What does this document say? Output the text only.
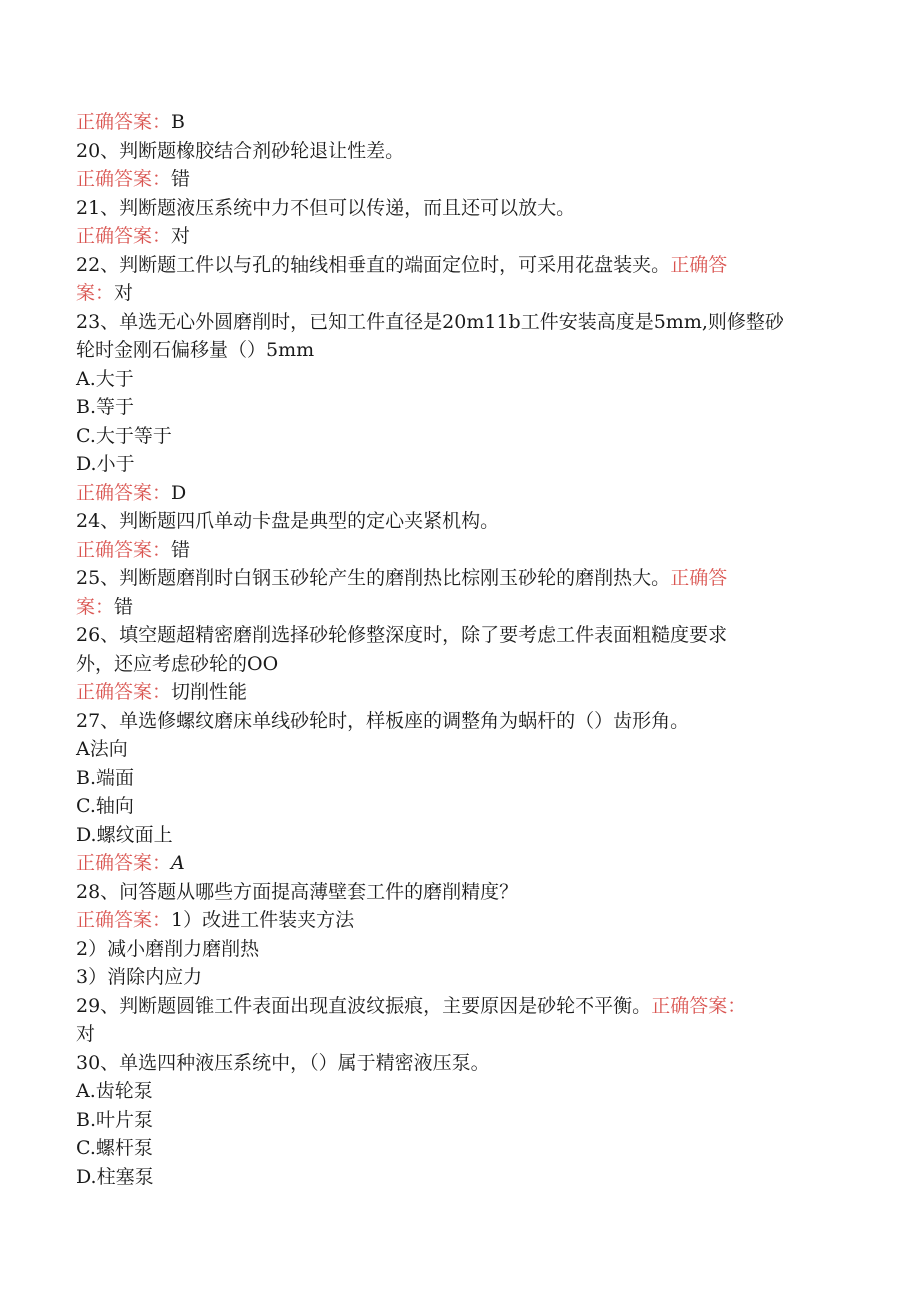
正确答案：B
20、判断题橡胶结合剂砂轮退让性差。
正确答案：错
21、判断题液压系统中力不但可以传递，而且还可以放大。
正确答案：对
22、判断题工件以与孔的轴线相垂直的端面定位时，可采用花盘装夹。正确答
案：对
23、单选无心外圆磨削时，已知工件直径是20m11b工件安装高度是5mm,则修整砂
轮时金刚石偏移量（）5mm
A.大于
B.等于
C.大于等于
D.小于
正确答案：D
24、判断题四爪单动卡盘是典型的定心夹紧机构。
正确答案：错
25、判断题磨削时白钢玉砂轮产生的磨削热比棕刚玉砂轮的磨削热大。正确答
案：错
26、填空题超精密磨削选择砂轮修整深度时，除了要考虑工件表面粗糙度要求
外，还应考虑砂轮的OO
正确答案：切削性能
27、单选修螺纹磨床单线砂轮时，样板座的调整角为蜗杆的（）齿形角。
A法向
B.端面
C.轴向
D.螺纹面上
正确答案：A
28、问答题从哪些方面提高薄壁套工件的磨削精度？
正确答案：1）改进工件装夹方法
2）减小磨削力磨削热
3）消除内应力
29、判断题圆锥工件表面出现直波纹振痕，主要原因是砂轮不平衡。正确答案：
对
30、单选四种液压系统中，（）属于精密液压泵。
A.齿轮泵
B.叶片泵
C.螺杆泵
D.柱塞泵
